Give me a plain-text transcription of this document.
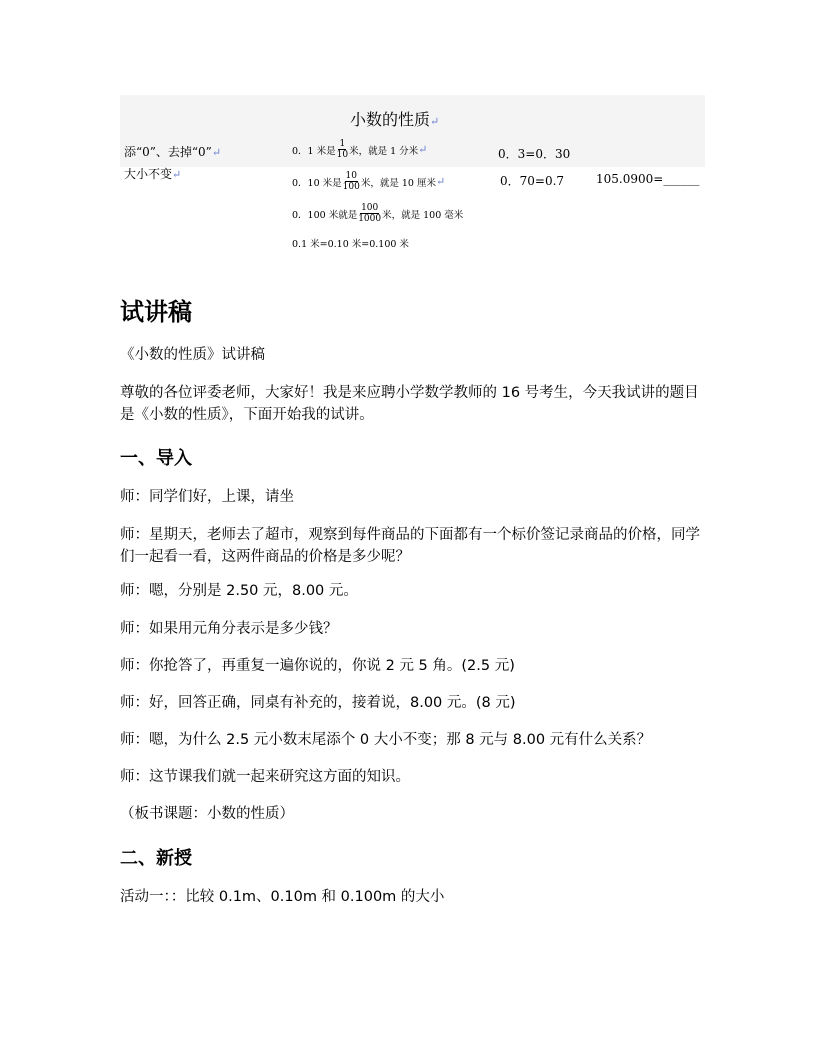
小数的性质↵
添“0”、去掉“0”↵
大小不变↵
0．1 米是 $\frac{1}{10}$ 米，就是 1 分米 ↵
0．10 米是 $\frac{10}{100}$ 米，就是 10 厘米 ↵
0．100 米就是 $\frac{100}{1000}$ 米，就是 100 毫米
0.1 米=0.10 米=0.100 米
0．3=0．30
0．70=0.7	105.0900=______
试讲稿
《小数的性质》试讲稿
尊敬的各位评委老师，大家好！我是来应聘小学数学教师的 16 号考生，今天我试讲的题目是《小数的性质》，下面开始我的试讲。
一、导入
师：同学们好，上课，请坐
师：星期天，老师去了超市，观察到每件商品的下面都有一个标价签记录商品的价格，同学们一起看一看，这两件商品的价格是多少呢？
师：嗯，分别是 2.50 元，8.00 元。
师：如果用元角分表示是多少钱？
师：你抢答了，再重复一遍你说的，你说 2 元 5 角。(2.5 元)
师：好，回答正确，同桌有补充的，接着说，8.00 元。(8 元)
师：嗯，为什么 2.5 元小数末尾添个 0 大小不变；那 8 元与 8.00 元有什么关系？
师：这节课我们就一起来研究这方面的知识。
（板书课题：小数的性质）
二、新授
活动一：：比较 0.1m、0.10m 和 0.100m 的大小
